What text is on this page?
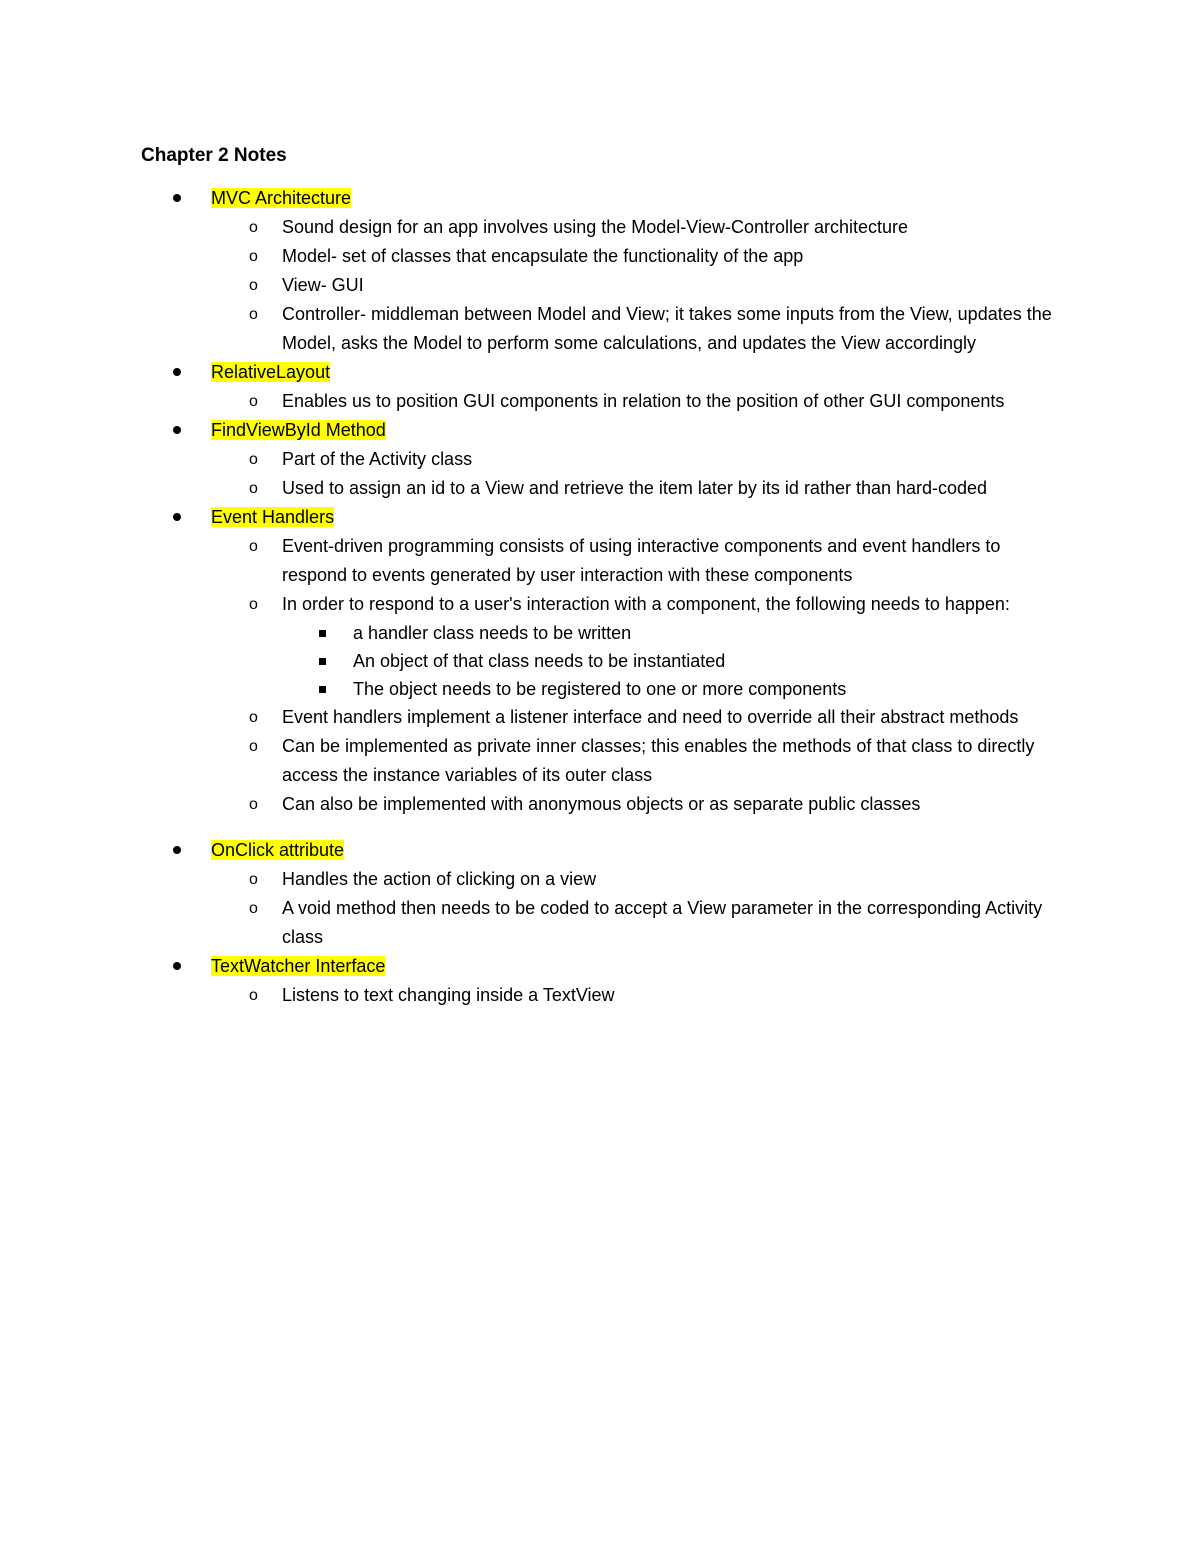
Chapter 2 Notes
MVC Architecture
o Sound design for an app involves using the Model-View-Controller architecture
o Model- set of classes that encapsulate the functionality of the app
o View- GUI
o Controller- middleman between Model and View; it takes some inputs from the View, updates the Model, asks the Model to perform some calculations, and updates the View accordingly
RelativeLayout
o Enables us to position GUI components in relation to the position of other GUI components
FindViewById Method
o Part of the Activity class
o Used to assign an id to a View and retrieve the item later by its id rather than hard-coded
Event Handlers
o Event-driven programming consists of using interactive components and event handlers to respond to events generated by user interaction with these components
o In order to respond to a user's interaction with a component, the following needs to happen:
a handler class needs to be written
An object of that class needs to be instantiated
The object needs to be registered to one or more components
o Event handlers implement a listener interface and need to override all their abstract methods
o Can be implemented as private inner classes; this enables the methods of that class to directly access the instance variables of its outer class
o Can also be implemented with anonymous objects or as separate public classes
OnClick attribute
o Handles the action of clicking on a view
o A void method then needs to be coded to accept a View parameter in the corresponding Activity class
TextWatcher Interface
o Listens to text changing inside a TextView
